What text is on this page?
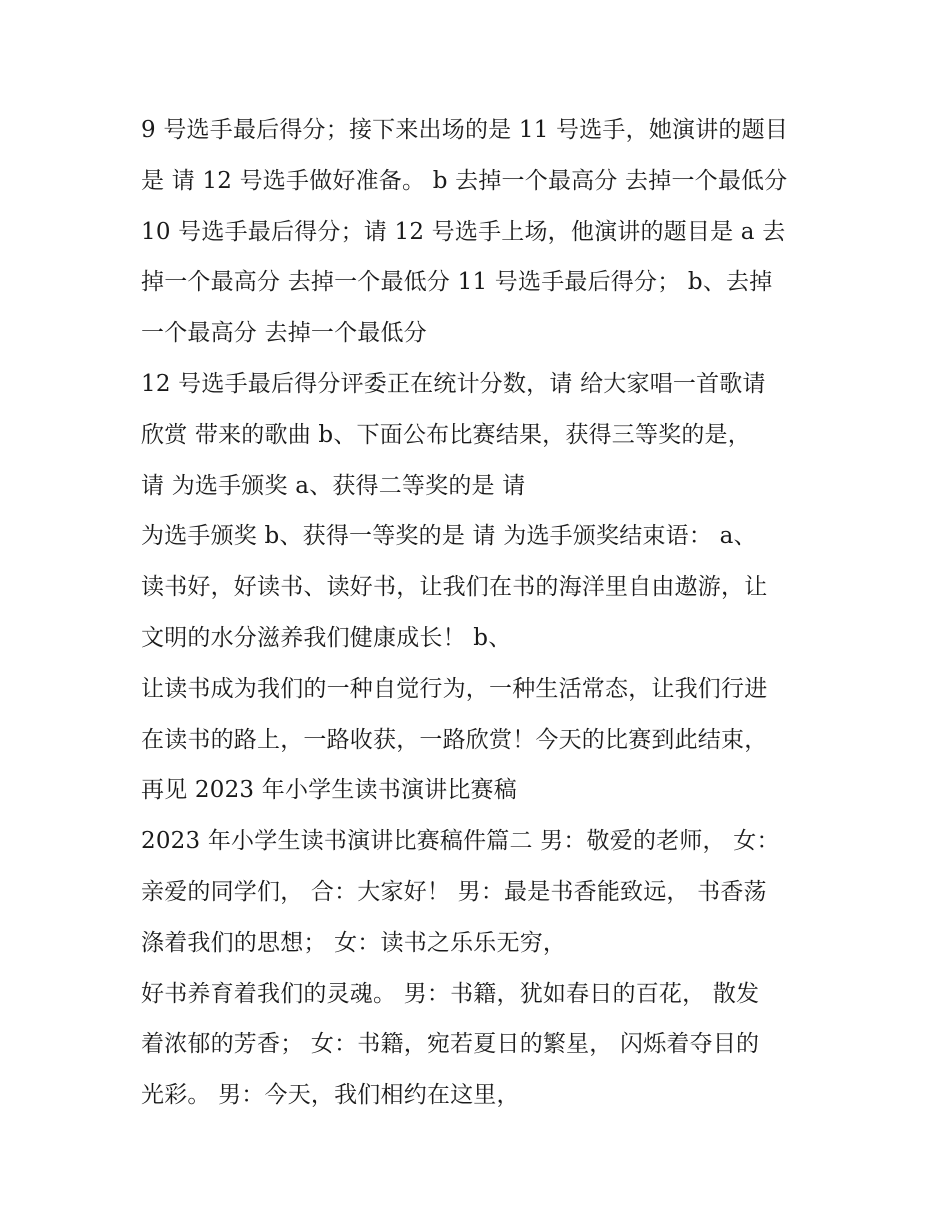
9 号选手最后得分；接下来出场的是 11 号选手，她演讲的题目
是 请 12 号选手做好准备。 b 去掉一个最高分 去掉一个最低分
10 号选手最后得分；请 12 号选手上场，他演讲的题目是 a 去
掉一个最高分 去掉一个最低分 11 号选手最后得分； b、去掉
一个最高分 去掉一个最低分
12 号选手最后得分评委正在统计分数，请 给大家唱一首歌请
欣赏 带来的歌曲 b、下面公布比赛结果，获得三等奖的是，
请 为选手颁奖 a、获得二等奖的是 请
为选手颁奖 b、获得一等奖的是 请 为选手颁奖结束语： a、
读书好，好读书、读好书，让我们在书的海洋里自由遨游，让
文明的水分滋养我们健康成长！ b、
让读书成为我们的一种自觉行为，一种生活常态，让我们行进
在读书的路上，一路收获，一路欣赏！今天的比赛到此结束，
再见 2023 年小学生读书演讲比赛稿
2023 年小学生读书演讲比赛稿件篇二 男：敬爱的老师， 女：
亲爱的同学们， 合：大家好！ 男：最是书香能致远， 书香荡
涤着我们的思想； 女：读书之乐乐无穷，
好书养育着我们的灵魂。 男：书籍，犹如春日的百花， 散发
着浓郁的芳香； 女：书籍，宛若夏日的繁星， 闪烁着夺目的
光彩。 男：今天，我们相约在这里，
